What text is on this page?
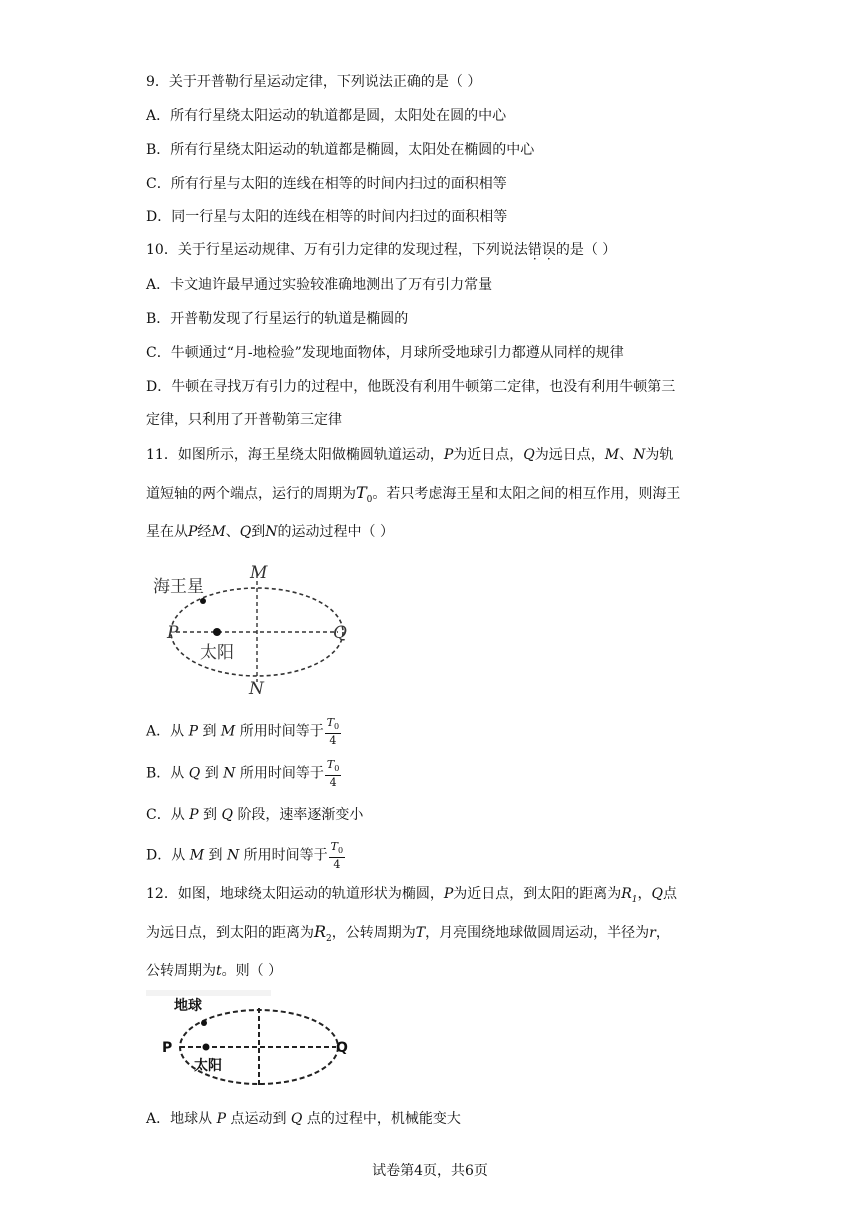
9．关于开普勒行星运动定律，下列说法正确的是（ ）
A．所有行星绕太阳运动的轨道都是圆，太阳处在圆的中心
B．所有行星绕太阳运动的轨道都是椭圆，太阳处在椭圆的中心
C．所有行星与太阳的连线在相等的时间内扫过的面积相等
D．同一行星与太阳的连线在相等的时间内扫过的面积相等
10．关于行星运动规律、万有引力定律的发现过程，下列说法错误的是（ ）
A．卡文迪许最早通过实验较准确地测出了万有引力常量
B．开普勒发现了行星运行的轨道是椭圆的
C．牛顿通过“月-地检验”发现地面物体，月球所受地球引力都遵从同样的规律
D．牛顿在寻找万有引力的过程中，他既没有利用牛顿第二定律，也没有利用牛顿第三
定律，只利用了开普勒第三定律
11．如图所示，海王星绕太阳做椭圆轨道运动，P为近日点，Q为远日点，M、N为轨
道短轴的两个端点，运行的周期为$T_0$。若只考虑海王星和太阳之间的相互作用，则海王
星在从P经M、Q到N的运动过程中（ ）
海王星
太阳
M
N
P	Q
A．从 P 到 M 所用时间等于 $\frac{T_0}{4}$
B．从 Q 到 N 所用时间等于 $\frac{T_0}{4}$
C．从 P 到 Q 阶段，速率逐渐变小
D．从 M 到 N 所用时间等于 $\frac{T_0}{4}$
12．如图，地球绕太阳运动的轨道形状为椭圆，P为近日点，到太阳的距离为$R_1$，Q点
为远日点，到太阳的距离为$R_2$，公转周期为T，月亮围绕地球做圆周运动，半径为r，
公转周期为t。则（ ）
地球
太阳
P	Q
A．地球从 P 点运动到 Q 点的过程中，机械能变大
试卷第4页，共6页
